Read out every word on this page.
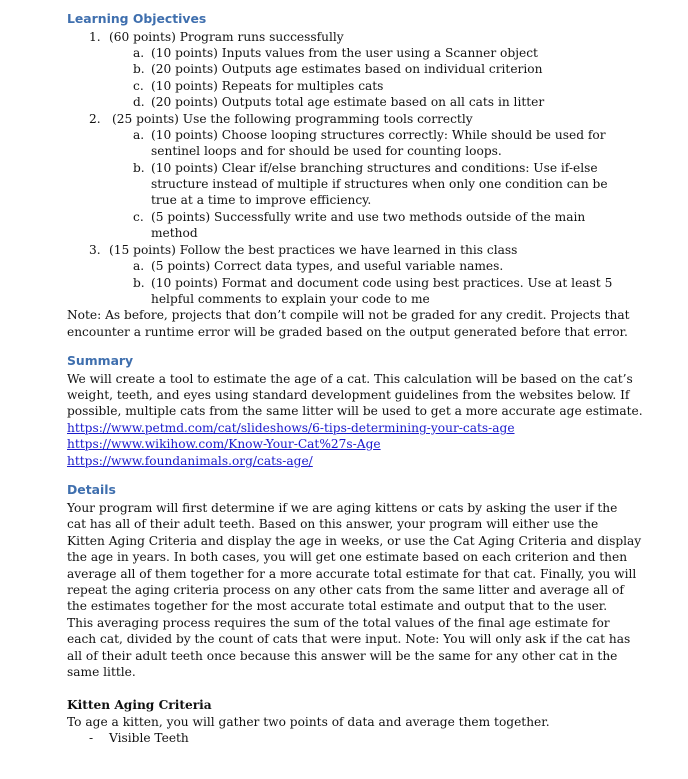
Learning Objectives
1. (60 points) Program runs successfully
a. (10 points) Inputs values from the user using a Scanner object
b. (20 points) Outputs age estimates based on individual criterion
c. (10 points) Repeats for multiples cats
d. (20 points) Outputs total age estimate based on all cats in litter
2. (25 points) Use the following programming tools correctly
a. (10 points) Choose looping structures correctly: While should be used for
sentinel loops and for should be used for counting loops.
b. (10 points) Clear if/else branching structures and conditions: Use if-else
structure instead of multiple if structures when only one condition can be
true at a time to improve efficiency.
c. (5 points) Successfully write and use two methods outside of the main
method
3. (15 points) Follow the best practices we have learned in this class
a. (5 points) Correct data types, and useful variable names.
b. (10 points) Format and document code using best practices. Use at least 5
helpful comments to explain your code to me
Note: As before, projects that don’t compile will not be graded for any credit. Projects that
encounter a runtime error will be graded based on the output generated before that error.
Summary
We will create a tool to estimate the age of a cat. This calculation will be based on the cat’s
weight, teeth, and eyes using standard development guidelines from the websites below. If
possible, multiple cats from the same litter will be used to get a more accurate age estimate.
https://www.petmd.com/cat/slideshows/6-tips-determining-your-cats-age
https://www.wikihow.com/Know-Your-Cat%27s-Age
https://www.foundanimals.org/cats-age/
Details
Your program will first determine if we are aging kittens or cats by asking the user if the
cat has all of their adult teeth. Based on this answer, your program will either use the
Kitten Aging Criteria and display the age in weeks, or use the Cat Aging Criteria and display
the age in years. In both cases, you will get one estimate based on each criterion and then
average all of them together for a more accurate total estimate for that cat. Finally, you will
repeat the aging criteria process on any other cats from the same litter and average all of
the estimates together for the most accurate total estimate and output that to the user.
This averaging process requires the sum of the total values of the final age estimate for
each cat, divided by the count of cats that were input. Note: You will only ask if the cat has
all of their adult teeth once because this answer will be the same for any other cat in the
same little.
Kitten Aging Criteria
To age a kitten, you will gather two points of data and average them together.
- Visible Teeth
